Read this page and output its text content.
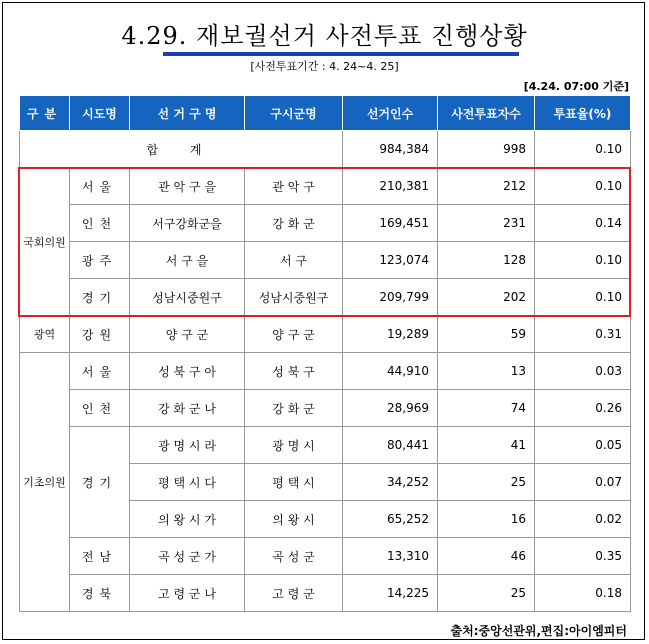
4.29. 재보궐선거 사전투표 진행상황
[사전투표기간 : 4. 24~4. 25]
[4.24. 07:00 기준]
구분	시도명	선 거 구 명	구시군명	선거인수	사전투표자수	투표율(%)
합 계				984,384	998	0.10
국회의원	서울	관 악 구 을	관 악 구	210,381	212	0.10
	인천	서구강화군을	강 화 군	169,451	231	0.14
	광주	서 구 을	서 구	123,074	128	0.10
	경기	성남시중원구	성남시중원구	209,799	202	0.10
광역	강원	양 구 군	양 구 군	19,289	59	0.31
기초의원	서울	성 북 구 아	성 북 구	44,910	13	0.03
	인천	강 화 군 나	강 화 군	28,969	74	0.26
	경기	광 명 시 라	광 명 시	80,441	41	0.05
		평 택 시 다	평 택 시	34,252	25	0.07
		의 왕 시 가	의 왕 시	65,252	16	0.02
	전남	곡 성 군 가	곡 성 군	13,310	46	0.35
	경북	고 령 군 나	고 령 군	14,225	25	0.18
출처:중앙선관위,편집:아이엠피터
